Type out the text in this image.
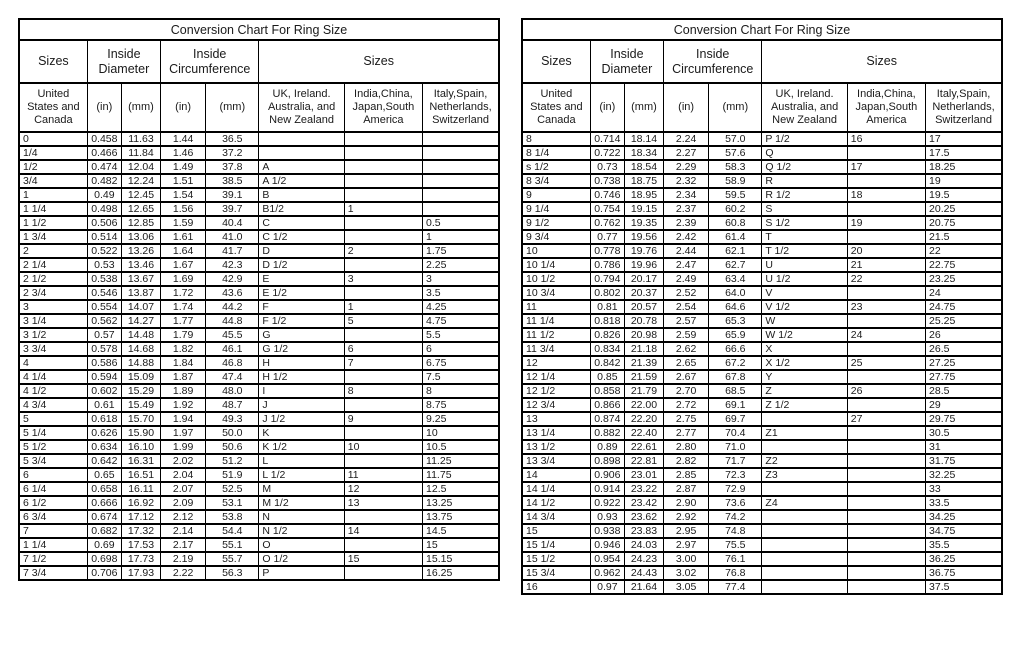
Conversion Chart For Ring Size							
Sizes	Inside Diameter		Inside Circumference		Sizes		
United States and Canada	(in)	(mm)	(in)	(mm)	UK, Ireland. Australia, and New Zealand	India,China, Japan,South America	Italy,Spain, Netherlands, Switzerland
0	0.458	11.63	1.44	36.5			
1/4	0.466	11.84	1.46	37.2			
1/2	0.474	12.04	1.49	37.8	A		
3/4	0.482	12.24	1.51	38.5	A 1/2		
1	0.49	12.45	1.54	39.1	B		
1 1/4	0.498	12.65	1.56	39.7	B1/2	1	
1 1/2	0.506	12.85	1.59	40.4	C		0.5
1 3/4	0.514	13.06	1.61	41.0	C 1/2		1
2	0.522	13.26	1.64	41.7	D	2	1.75
2 1/4	0.53	13.46	1.67	42.3	D 1/2		2.25
2 1/2	0.538	13.67	1.69	42.9	E	3	3
2 3/4	0.546	13.87	1.72	43.6	E 1/2		3.5
3	0.554	14.07	1.74	44.2	F	1	4.25
3 1/4	0.562	14.27	1.77	44.8	F 1/2	5	4.75
3 1/2	0.57	14.48	1.79	45.5	G		5.5
3 3/4	0.578	14.68	1.82	46.1	G 1/2	6	6
4	0.586	14.88	1.84	46.8	H	7	6.75
4 1/4	0.594	15.09	1.87	47.4	H 1/2		7.5
4 1/2	0.602	15.29	1.89	48.0	I	8	8
4 3/4	0.61	15.49	1.92	48.7	J		8.75
5	0.618	15.70	1.94	49.3	J 1/2	9	9.25
5 1/4	0.626	15.90	1.97	50.0	K		10
5 1/2	0.634	16.10	1.99	50.6	K 1/2	10	10.5
5 3/4	0.642	16.31	2.02	51.2	L		11.25
6	0.65	16.51	2.04	51.9	L 1/2	11	11.75
6 1/4	0.658	16.11	2.07	52.5	M	12	12.5
6 1/2	0.666	16.92	2.09	53.1	M 1/2	13	13.25
6 3/4	0.674	17.12	2.12	53.8	N		13.75
7	0.682	17.32	2.14	54.4	N 1/2	14	14.5
1 1/4	0.69	17.53	2.17	55.1	O		15
7 1/2	0.698	17.73	2.19	55.7	O 1/2	15	15.15
7 3/4	0.706	17.93	2.22	56.3	P		16.25
Conversion Chart For Ring Size							
Sizes	Inside Diameter		Inside Circumference		Sizes		
United States and Canada	(in)	(mm)	(in)	(mm)	UK, Ireland. Australia, and New Zealand	India,China, Japan,South America	Italy,Spain, Netherlands, Switzerland
8	0.714	18.14	2.24	57.0	P 1/2	16	17
8 1/4	0.722	18.34	2.27	57.6	Q		17.5
s 1/2	0.73	18.54	2.29	58.3	Q 1/2	17	18.25
8 3/4	0.738	18.75	2.32	58.9	R		19
9	0.746	18.95	2.34	59.5	R 1/2	18	19.5
9 1/4	0.754	19.15	2.37	60.2	S		20.25
9 1/2	0.762	19.35	2.39	60.8	S 1/2	19	20.75
9 3/4	0.77	19.56	2.42	61.4	T		21.5
10	0.778	19.76	2.44	62.1	T 1/2	20	22
10 1/4	0.786	19.96	2.47	62.7	U	21	22.75
10 1/2	0.794	20.17	2.49	63.4	U 1/2	22	23.25
10 3/4	0.802	20.37	2.52	64.0	V		24
11	0.81	20.57	2.54	64.6	V 1/2	23	24.75
11 1/4	0.818	20.78	2.57	65.3	W		25.25
11 1/2	0.826	20.98	2.59	65.9	W 1/2	24	26
11 3/4	0.834	21.18	2.62	66.6	X		26.5
12	0.842	21.39	2.65	67.2	X 1/2	25	27.25
12 1/4	0.85	21.59	2.67	67.8	Y		27.75
12 1/2	0.858	21.79	2.70	68.5	Z	26	28.5
12 3/4	0.866	22.00	2.72	69.1	Z 1/2		29
13	0.874	22.20	2.75	69.7		27	29.75
13 1/4	0.882	22.40	2.77	70.4	Z1		30.5
13 1/2	0.89	22.61	2.80	71.0			31
13 3/4	0.898	22.81	2.82	71.7	Z2		31.75
14	0.906	23.01	2.85	72.3	Z3		32.25
14 1/4	0.914	23.22	2.87	72.9			33
14 1/2	0.922	23.42	2.90	73.6	Z4		33.5
14 3/4	0.93	23.62	2.92	74.2			34.25
15	0.938	23.83	2.95	74.8			34.75
15 1/4	0.946	24.03	2.97	75.5			35.5
15 1/2	0.954	24.23	3.00	76.1			36.25
15 3/4	0.962	24.43	3.02	76.8			36.75
16	0.97	21.64	3.05	77.4			37.5
